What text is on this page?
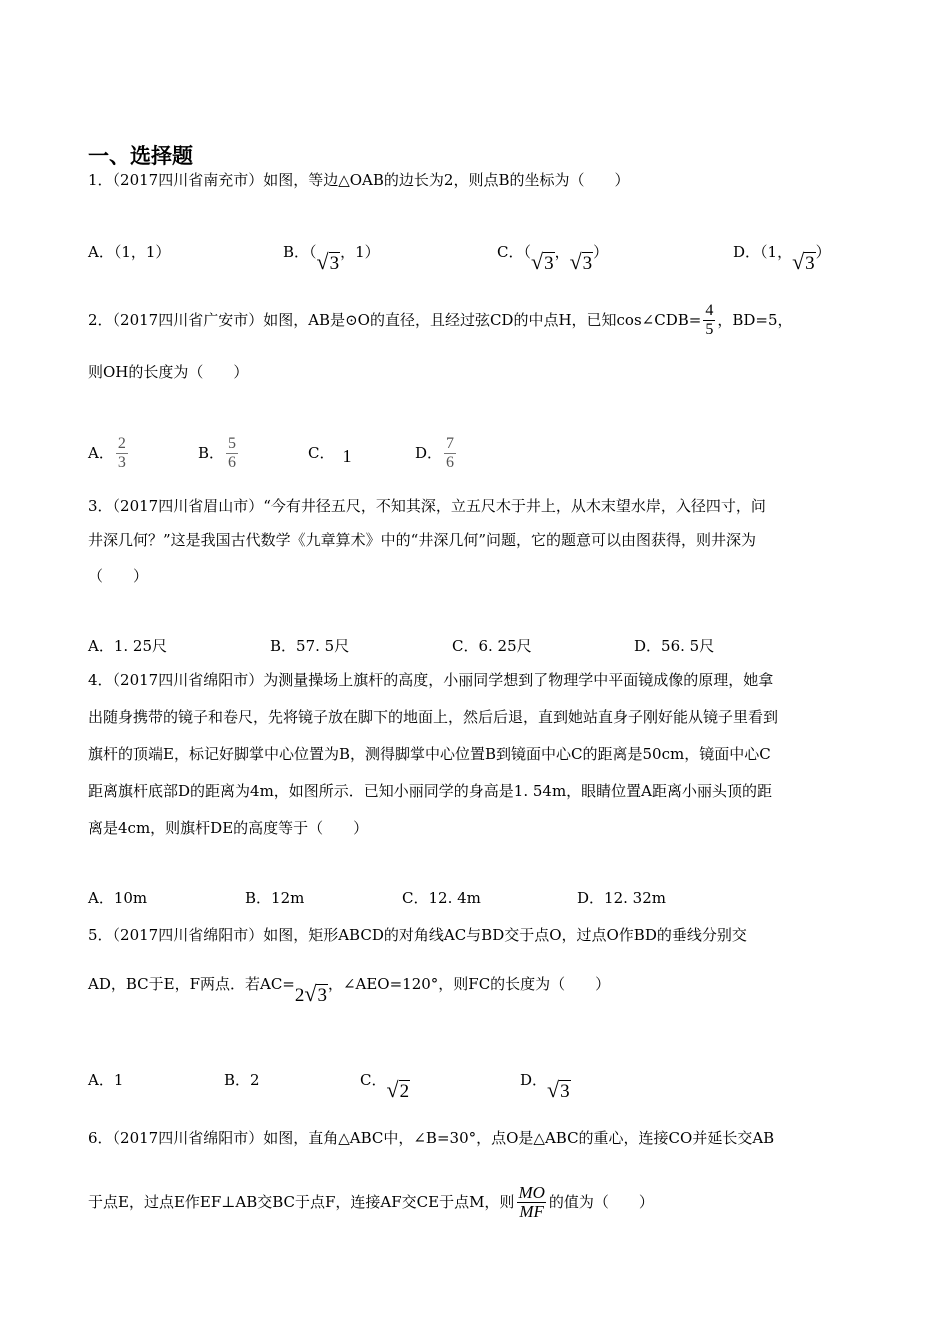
一、选择题
1．（2017四川省南充市）如图，等边△OAB的边长为2，则点B的坐标为（　　）
A．（1，1）	B．（√3，1）	C．（√3，√3）	D．（1，√3）
2．（2017四川省广安市）如图，AB是⊙O的直径，且经过弦CD的中点H，已知cos∠CDB= $\frac{4}{5}$ ，BD=5，
则OH的长度为（　　）
A． $\frac{2}{3}$	B． $\frac{5}{6}$	C． 1	D． $\frac{7}{6}$
3．（2017四川省眉山市）“今有井径五尺，不知其深，立五尺木于井上，从木末望水岸，入径四寸，问
井深几何？”这是我国古代数学《九章算术》中的“井深几何”问题，它的题意可以由图获得，则井深为
（　　）
A．1. 25尺	B．57. 5尺	C．6. 25尺	D．56. 5尺
4．（2017四川省绵阳市）为测量操场上旗杆的高度，小丽同学想到了物理学中平面镜成像的原理，她拿
出随身携带的镜子和卷尺，先将镜子放在脚下的地面上，然后后退，直到她站直身子刚好能从镜子里看到
旗杆的顶端E，标记好脚掌中心位置为B，测得脚掌中心位置B到镜面中心C的距离是50cm，镜面中心C
距离旗杆底部D的距离为4m，如图所示．已知小丽同学的身高是1. 54m，眼睛位置A距离小丽头顶的距
离是4cm，则旗杆DE的高度等于（　　）
A．10m	B．12m	C．12. 4m	D．12. 32m
5．（2017四川省绵阳市）如图，矩形ABCD的对角线AC与BD交于点O，过点O作BD的垂线分别交
AD，BC于E，F两点．若AC=2√3，∠AEO=120°，则FC的长度为（　　）
A．1	B．2	C．√2
D．√3
6．（2017四川省绵阳市）如图，直角△ABC中，∠B=30°，点O是△ABC的重心，连接CO并延长交AB
于点E，过点E作EF⊥AB交BC于点F，连接AF交CE于点M，则 $\frac{MO}{MF}$ 的值为（　　）
